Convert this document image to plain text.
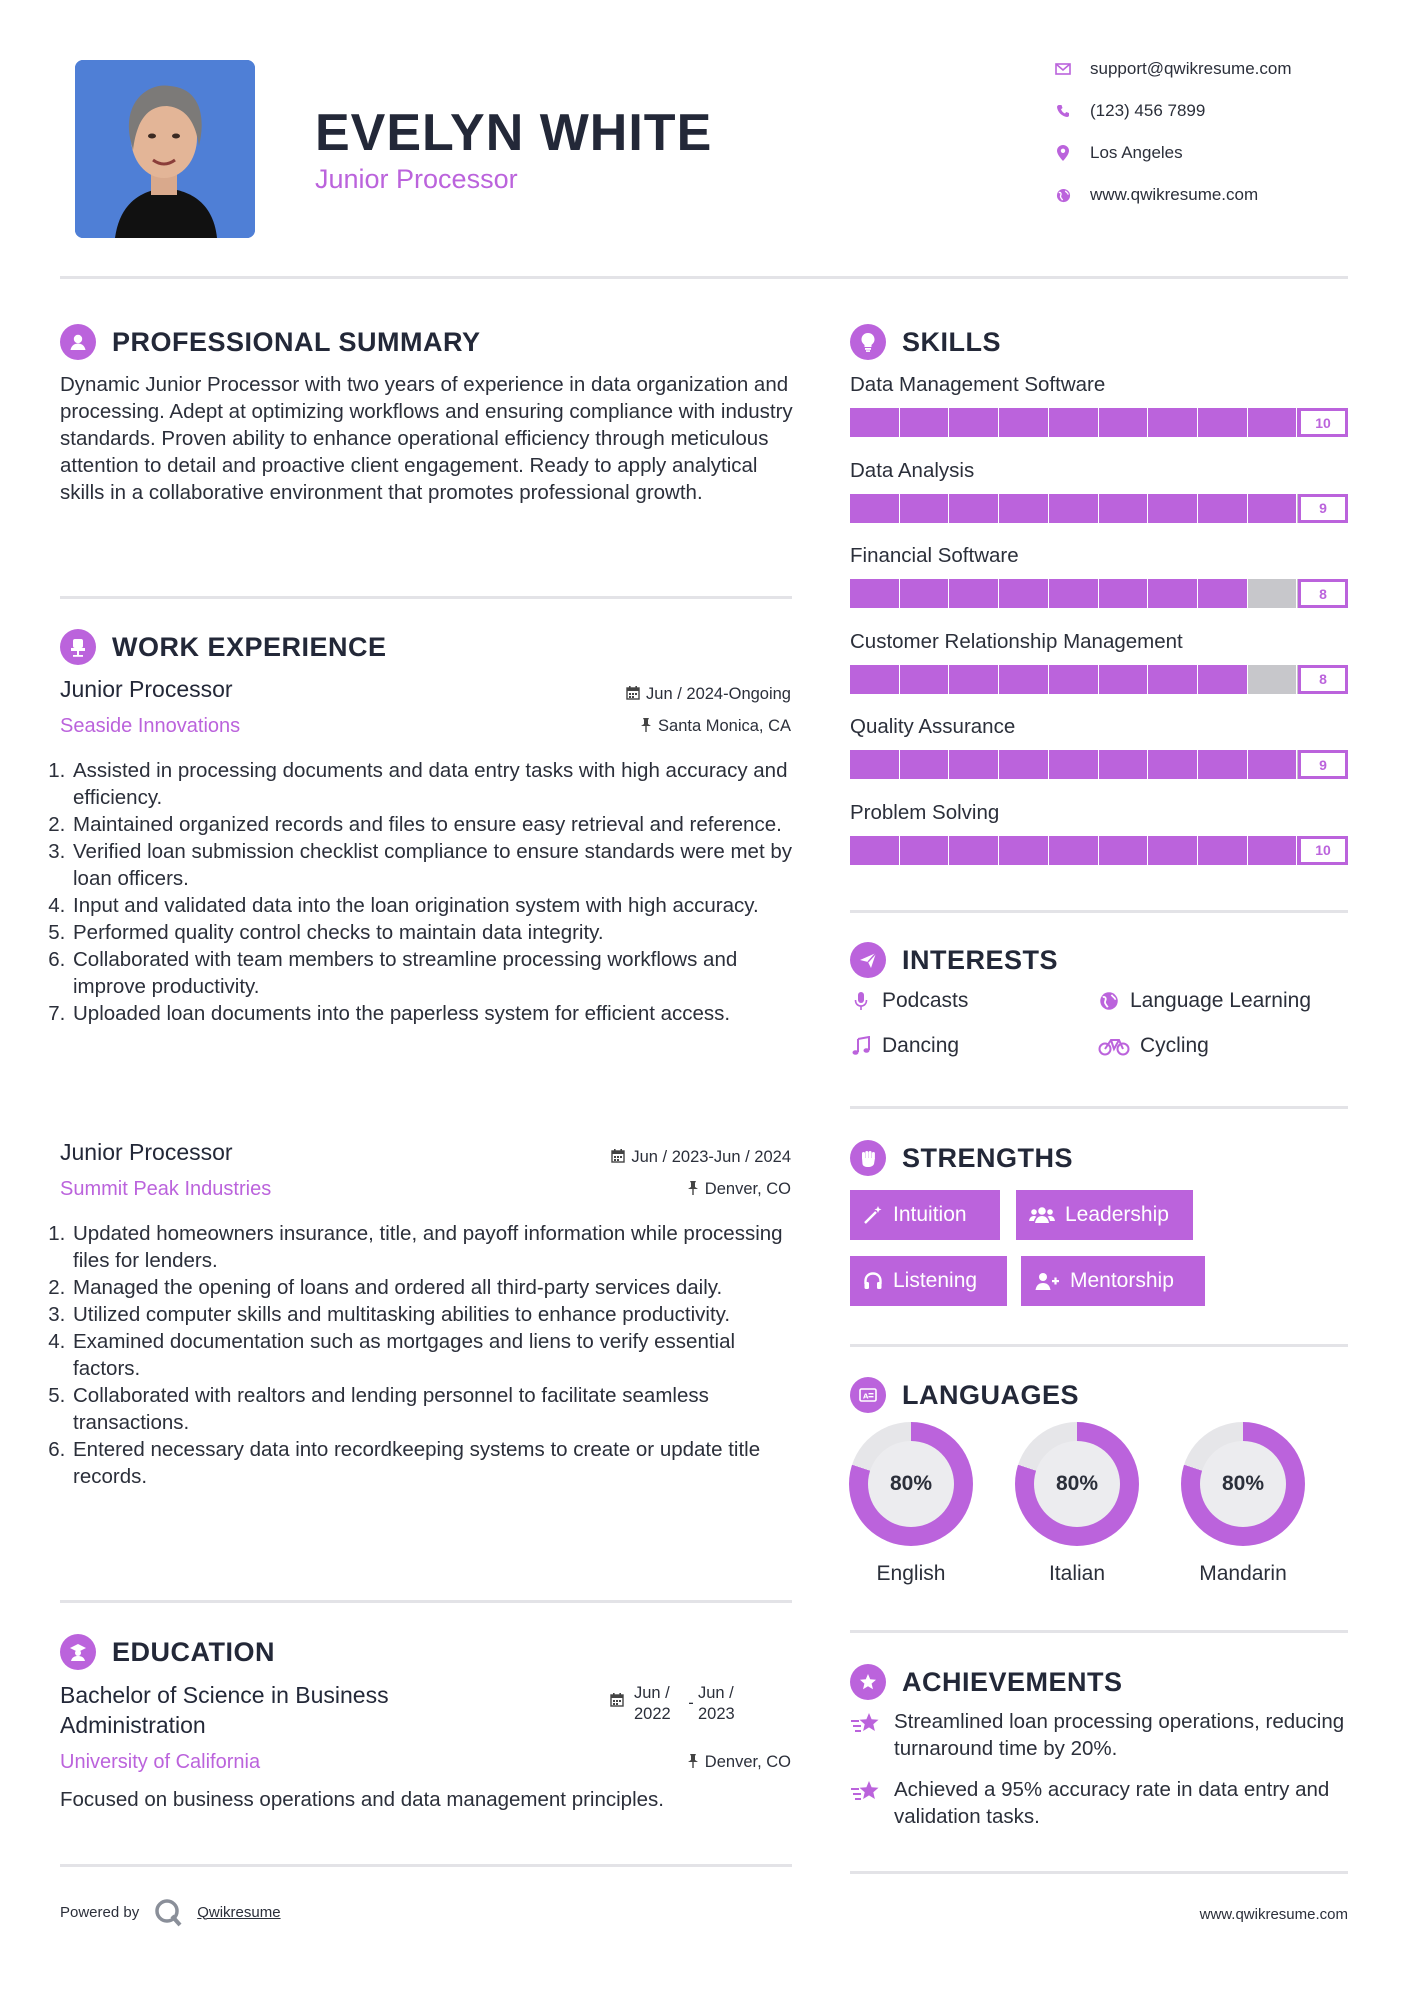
EVELYN WHITE
Junior Processor
support@qwikresume.com
(123) 456 7899
Los Angeles
www.qwikresume.com
PROFESSIONAL SUMMARY
Dynamic Junior Processor with two years of experience in data organization and processing. Adept at optimizing workflows and ensuring compliance with industry standards. Proven ability to enhance operational efficiency through meticulous attention to detail and proactive client engagement. Ready to apply analytical skills in a collaborative environment that promotes professional growth.
WORK EXPERIENCE
Junior Processor	Jun / 2024-Ongoing
Seaside Innovations	Santa Monica, CA
1. Assisted in processing documents and data entry tasks with high accuracy and efficiency.
2. Maintained organized records and files to ensure easy retrieval and reference.
3. Verified loan submission checklist compliance to ensure standards were met by loan officers.
4. Input and validated data into the loan origination system with high accuracy.
5. Performed quality control checks to maintain data integrity.
6. Collaborated with team members to streamline processing workflows and improve productivity.
7. Uploaded loan documents into the paperless system for efficient access.
Junior Processor	Jun / 2023-Jun / 2024
Summit Peak Industries	Denver, CO
1. Updated homeowners insurance, title, and payoff information while processing files for lenders.
2. Managed the opening of loans and ordered all third-party services daily.
3. Utilized computer skills and multitasking abilities to enhance productivity.
4. Examined documentation such as mortgages and liens to verify essential factors.
5. Collaborated with realtors and lending personnel to facilitate seamless transactions.
6. Entered necessary data into recordkeeping systems to create or update title records.
EDUCATION
Bachelor of Science in Business Administration
Jun / 2022
-
Jun / 2023
University of California	Denver, CO
Focused on business operations and data management principles.
Powered by	Qwikresume	www.qwikresume.com
SKILLS
Data Management Software
10
Data Analysis
9
Financial Software
8
Customer Relationship Management
8
Quality Assurance
9
Problem Solving
10
INTERESTS
Podcasts	Language Learning
Dancing	Cycling
STRENGTHS
Intuition	Leadership
Listening	Mentorship
A LANGUAGES
80%
English
80%
Italian
80%
Mandarin
ACHIEVEMENTS
Streamlined loan processing operations, reducing turnaround time by 20%.
Achieved a 95% accuracy rate in data entry and validation tasks.
